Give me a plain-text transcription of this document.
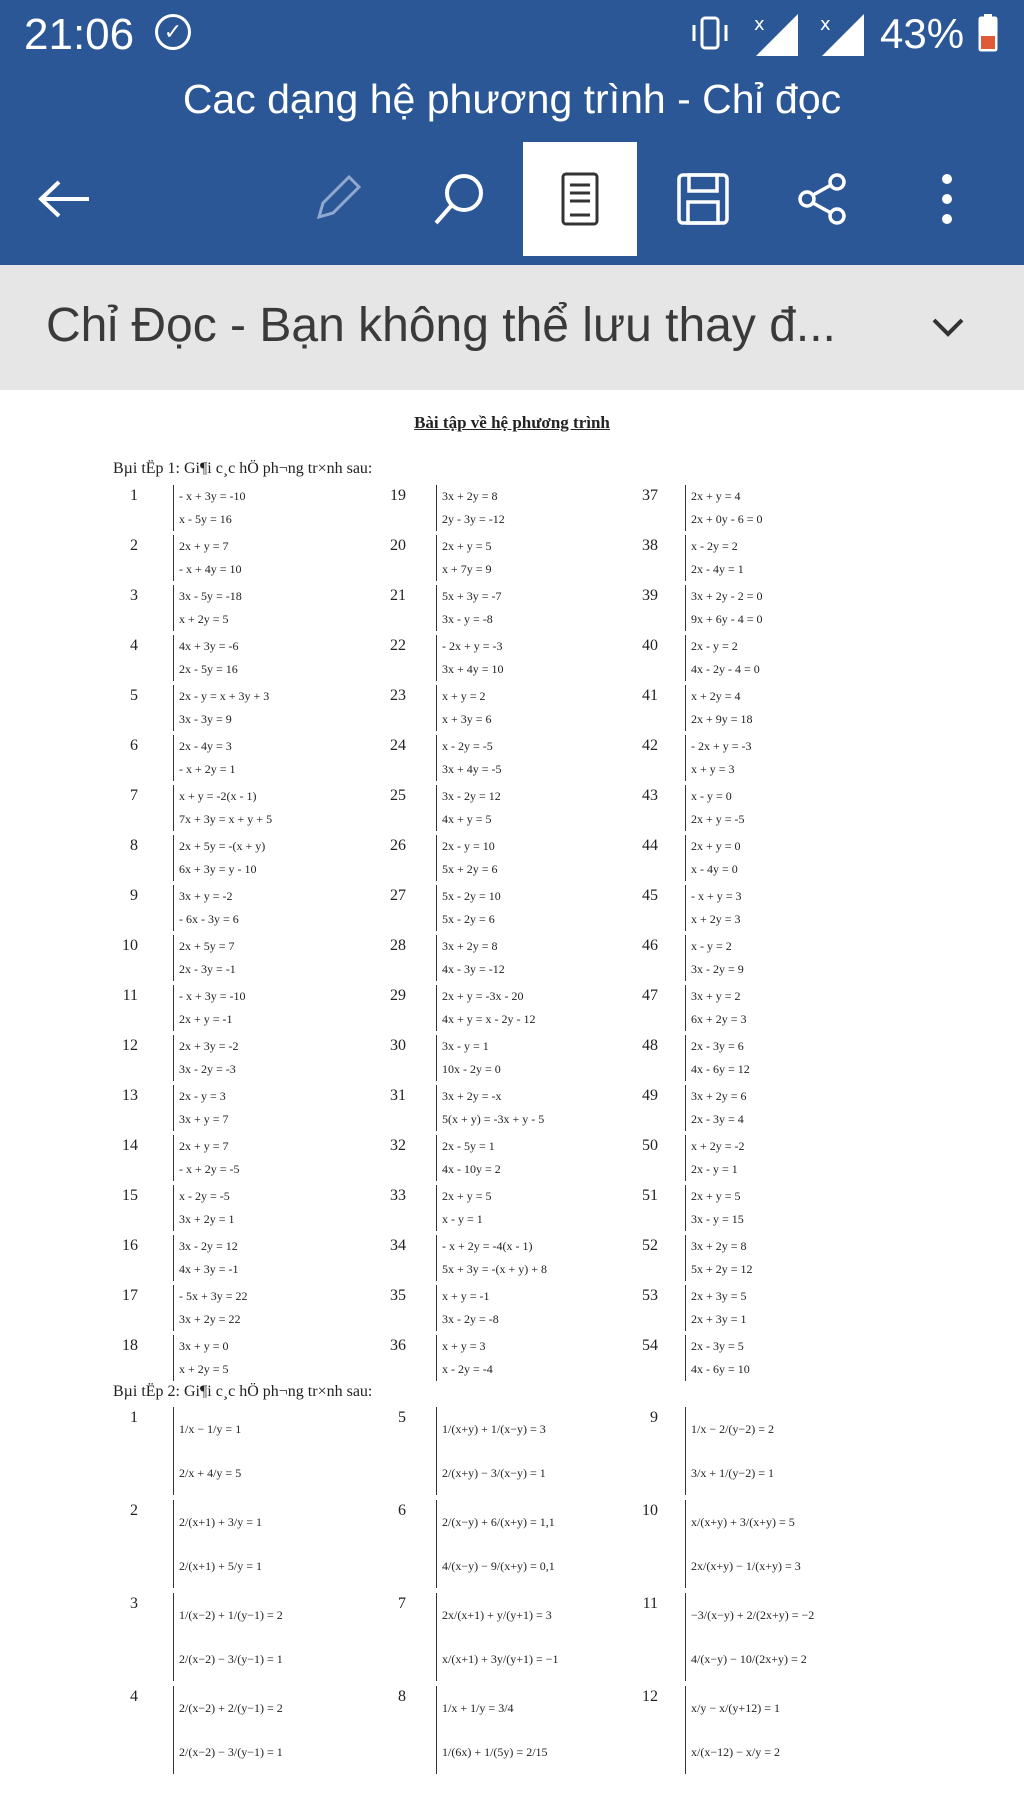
21:06	✓	x	x 43%
Cac dạng hệ phương trình - Chỉ đọc
Chỉ Đọc - Bạn không thể lưu thay đ...
Bài tập về hệ phương trình
Bµi tËp 1: Gi¶i c¸c hÖ ph¬ng tr×nh sau:
1	- x + 3y = -10
x - 5y = 16
2	2x + y = 7
- x + 4y = 10
3	3x - 5y = -18
x + 2y = 5
4	4x + 3y = -6
2x - 5y = 16
5	2x - y = x + 3y + 3
3x - 3y = 9
6	2x - 4y = 3
- x + 2y = 1
7	x + y = -2(x - 1)
7x + 3y = x + y + 5
8	2x + 5y = -(x + y)
6x + 3y = y - 10
9	3x + y = -2
- 6x - 3y = 6
10	2x + 5y = 7
2x - 3y = -1
11	- x + 3y = -10
2x + y = -1
12	2x + 3y = -2
3x - 2y = -3
13	2x - y = 3
3x + y = 7
14	2x + y = 7
- x + 2y = -5
15	x - 2y = -5
3x + 2y = 1
16	3x - 2y = 12
4x + 3y = -1
17	- 5x + 3y = 22
3x + 2y = 22
18	3x + y = 0
x + 2y = 5
19	3x + 2y = 8
2y - 3y = -12
20	2x + y = 5
x + 7y = 9
21	5x + 3y = -7
3x - y = -8
22	- 2x + y = -3
3x + 4y = 10
23	x + y = 2
x + 3y = 6
24	x - 2y = -5
3x + 4y = -5
25	3x - 2y = 12
4x + y = 5
26	2x - y = 10
5x + 2y = 6
27	5x - 2y = 10
5x - 2y = 6
28	3x + 2y = 8
4x - 3y = -12
29	2x + y = -3x - 20
4x + y = x - 2y - 12
30	3x - y = 1
10x - 2y = 0
31	3x + 2y = -x
5(x + y) = -3x + y - 5
32	2x - 5y = 1
4x - 10y = 2
33	2x + y = 5
x - y = 1
34	- x + 2y = -4(x - 1)
5x + 3y = -(x + y) + 8
35	x + y = -1
3x - 2y = -8
36	x + y = 3
x - 2y = -4
37	2x + y = 4
2x + 0y - 6 = 0
38	x - 2y = 2
2x - 4y = 1
39	3x + 2y - 2 = 0
9x + 6y - 4 = 0
40	2x - y = 2
4x - 2y - 4 = 0
41	x + 2y = 4
2x + 9y = 18
42	- 2x + y = -3
x + y = 3
43	x - y = 0
2x + y = -5
44	2x + y = 0
x - 4y = 0
45	- x + y = 3
x + 2y = 3
46	x - y = 2
3x - 2y = 9
47	3x + y = 2
6x + 2y = 3
48	2x - 3y = 6
4x - 6y = 12
49	3x + 2y = 6
2x - 3y = 4
50	x + 2y = -2
2x - y = 1
51	2x + y = 5
3x - y = 15
52	3x + 2y = 8
5x + 2y = 12
53	2x + 3y = 5
2x + 3y = 1
54	2x - 3y = 5
4x - 6y = 10
Bµi tËp 2: Gi¶i c¸c hÖ ph¬ng tr×nh sau:
1
1/x − 1/y = 1
2/x + 4/y = 5
2
2/(x+1) + 3/y = 1
2/(x+1) + 5/y = 1
3
1/(x−2) + 1/(y−1) = 2
2/(x−2) − 3/(y−1) = 1
4
2/(x−2) + 2/(y−1) = 2
2/(x−2) − 3/(y−1) = 1
5
1/(x+y) + 1/(x−y) = 3
2/(x+y) − 3/(x−y) = 1
6
2/(x−y) + 6/(x+y) = 1,1
4/(x−y) − 9/(x+y) = 0,1
7
2x/(x+1) + y/(y+1) = 3
x/(x+1) + 3y/(y+1) = −1
8
1/x + 1/y = 3/4
1/(6x) + 1/(5y) = 2/15
9
1/x − 2/(y−2) = 2
3/x + 1/(y−2) = 1
10
x/(x+y) + 3/(x+y) = 5
2x/(x+y) − 1/(x+y) = 3
11
−3/(x−y) + 2/(2x+y) = −2
4/(x−y) − 10/(2x+y) = 2
12
x/y − x/(y+12) = 1
x/(x−12) − x/y = 2
